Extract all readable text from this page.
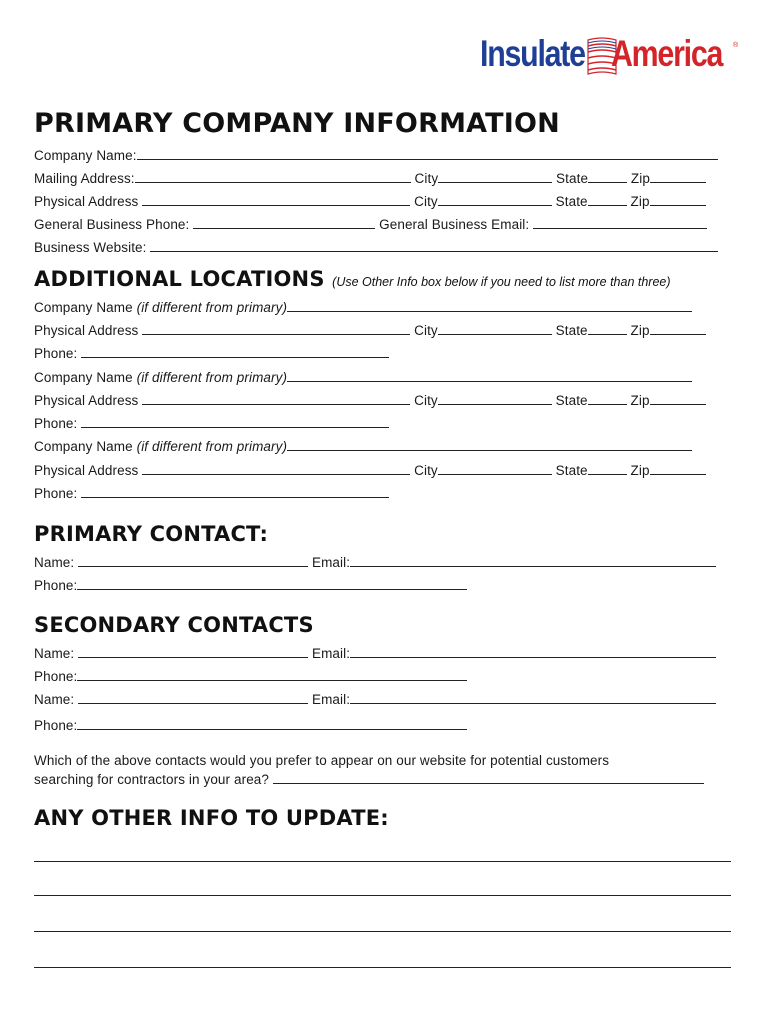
Insulate America ®
PRIMARY COMPANY INFORMATION
Company Name:
Mailing Address:	City	State	Zip
Physical Address	City	State	Zip
General Business Phone:	General Business Email:
Business Website:
ADDITIONAL LOCATIONS (Use Other Info box below if you need to list more than three)
Company Name (if different from primary)
Physical Address	City	State	Zip
Phone:
Company Name (if different from primary)
Physical Address	City	State	Zip
Phone:
Company Name (if different from primary)
Physical Address	City	State	Zip
Phone:
PRIMARY CONTACT:
Name:	Email:
Phone:
SECONDARY CONTACTS
Name:	Email:
Phone:
Name:	Email:
Phone:
Which of the above contacts would you prefer to appear on our website for potential customers
searching for contractors in your area?
ANY OTHER INFO TO UPDATE:
